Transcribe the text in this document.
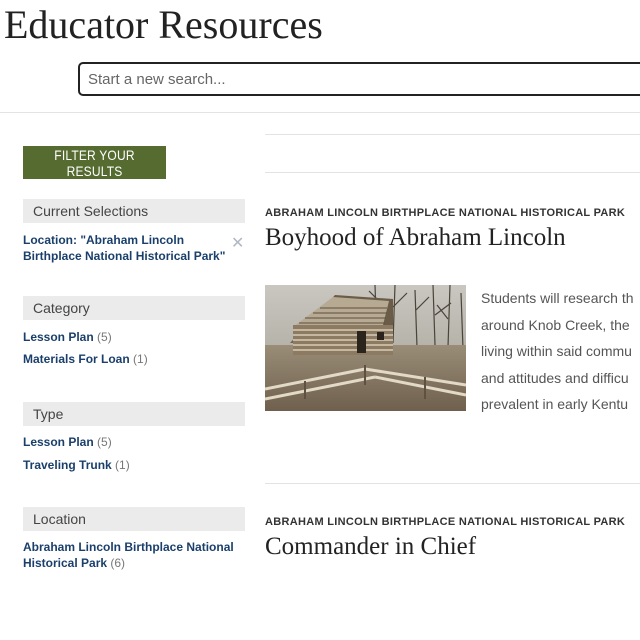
Educator Resources
Start a new search...
FILTER YOUR RESULTS
Current Selections
Location: "Abraham Lincoln
Birthplace National Historical Park"
✕
Category
Lesson Plan (5)
Materials For Loan (1)
Type
Lesson Plan (5)
Traveling Trunk (1)
Location
Abraham Lincoln Birthplace National
Historical Park (6)
ABRAHAM LINCOLN BIRTHPLACE NATIONAL HISTORICAL PARK
Boyhood of Abraham Lincoln
Students will research th
around Knob Creek, the
living within said commu
and attitudes and difficu
prevalent in early Kentu
ABRAHAM LINCOLN BIRTHPLACE NATIONAL HISTORICAL PARK
Commander in Chief
